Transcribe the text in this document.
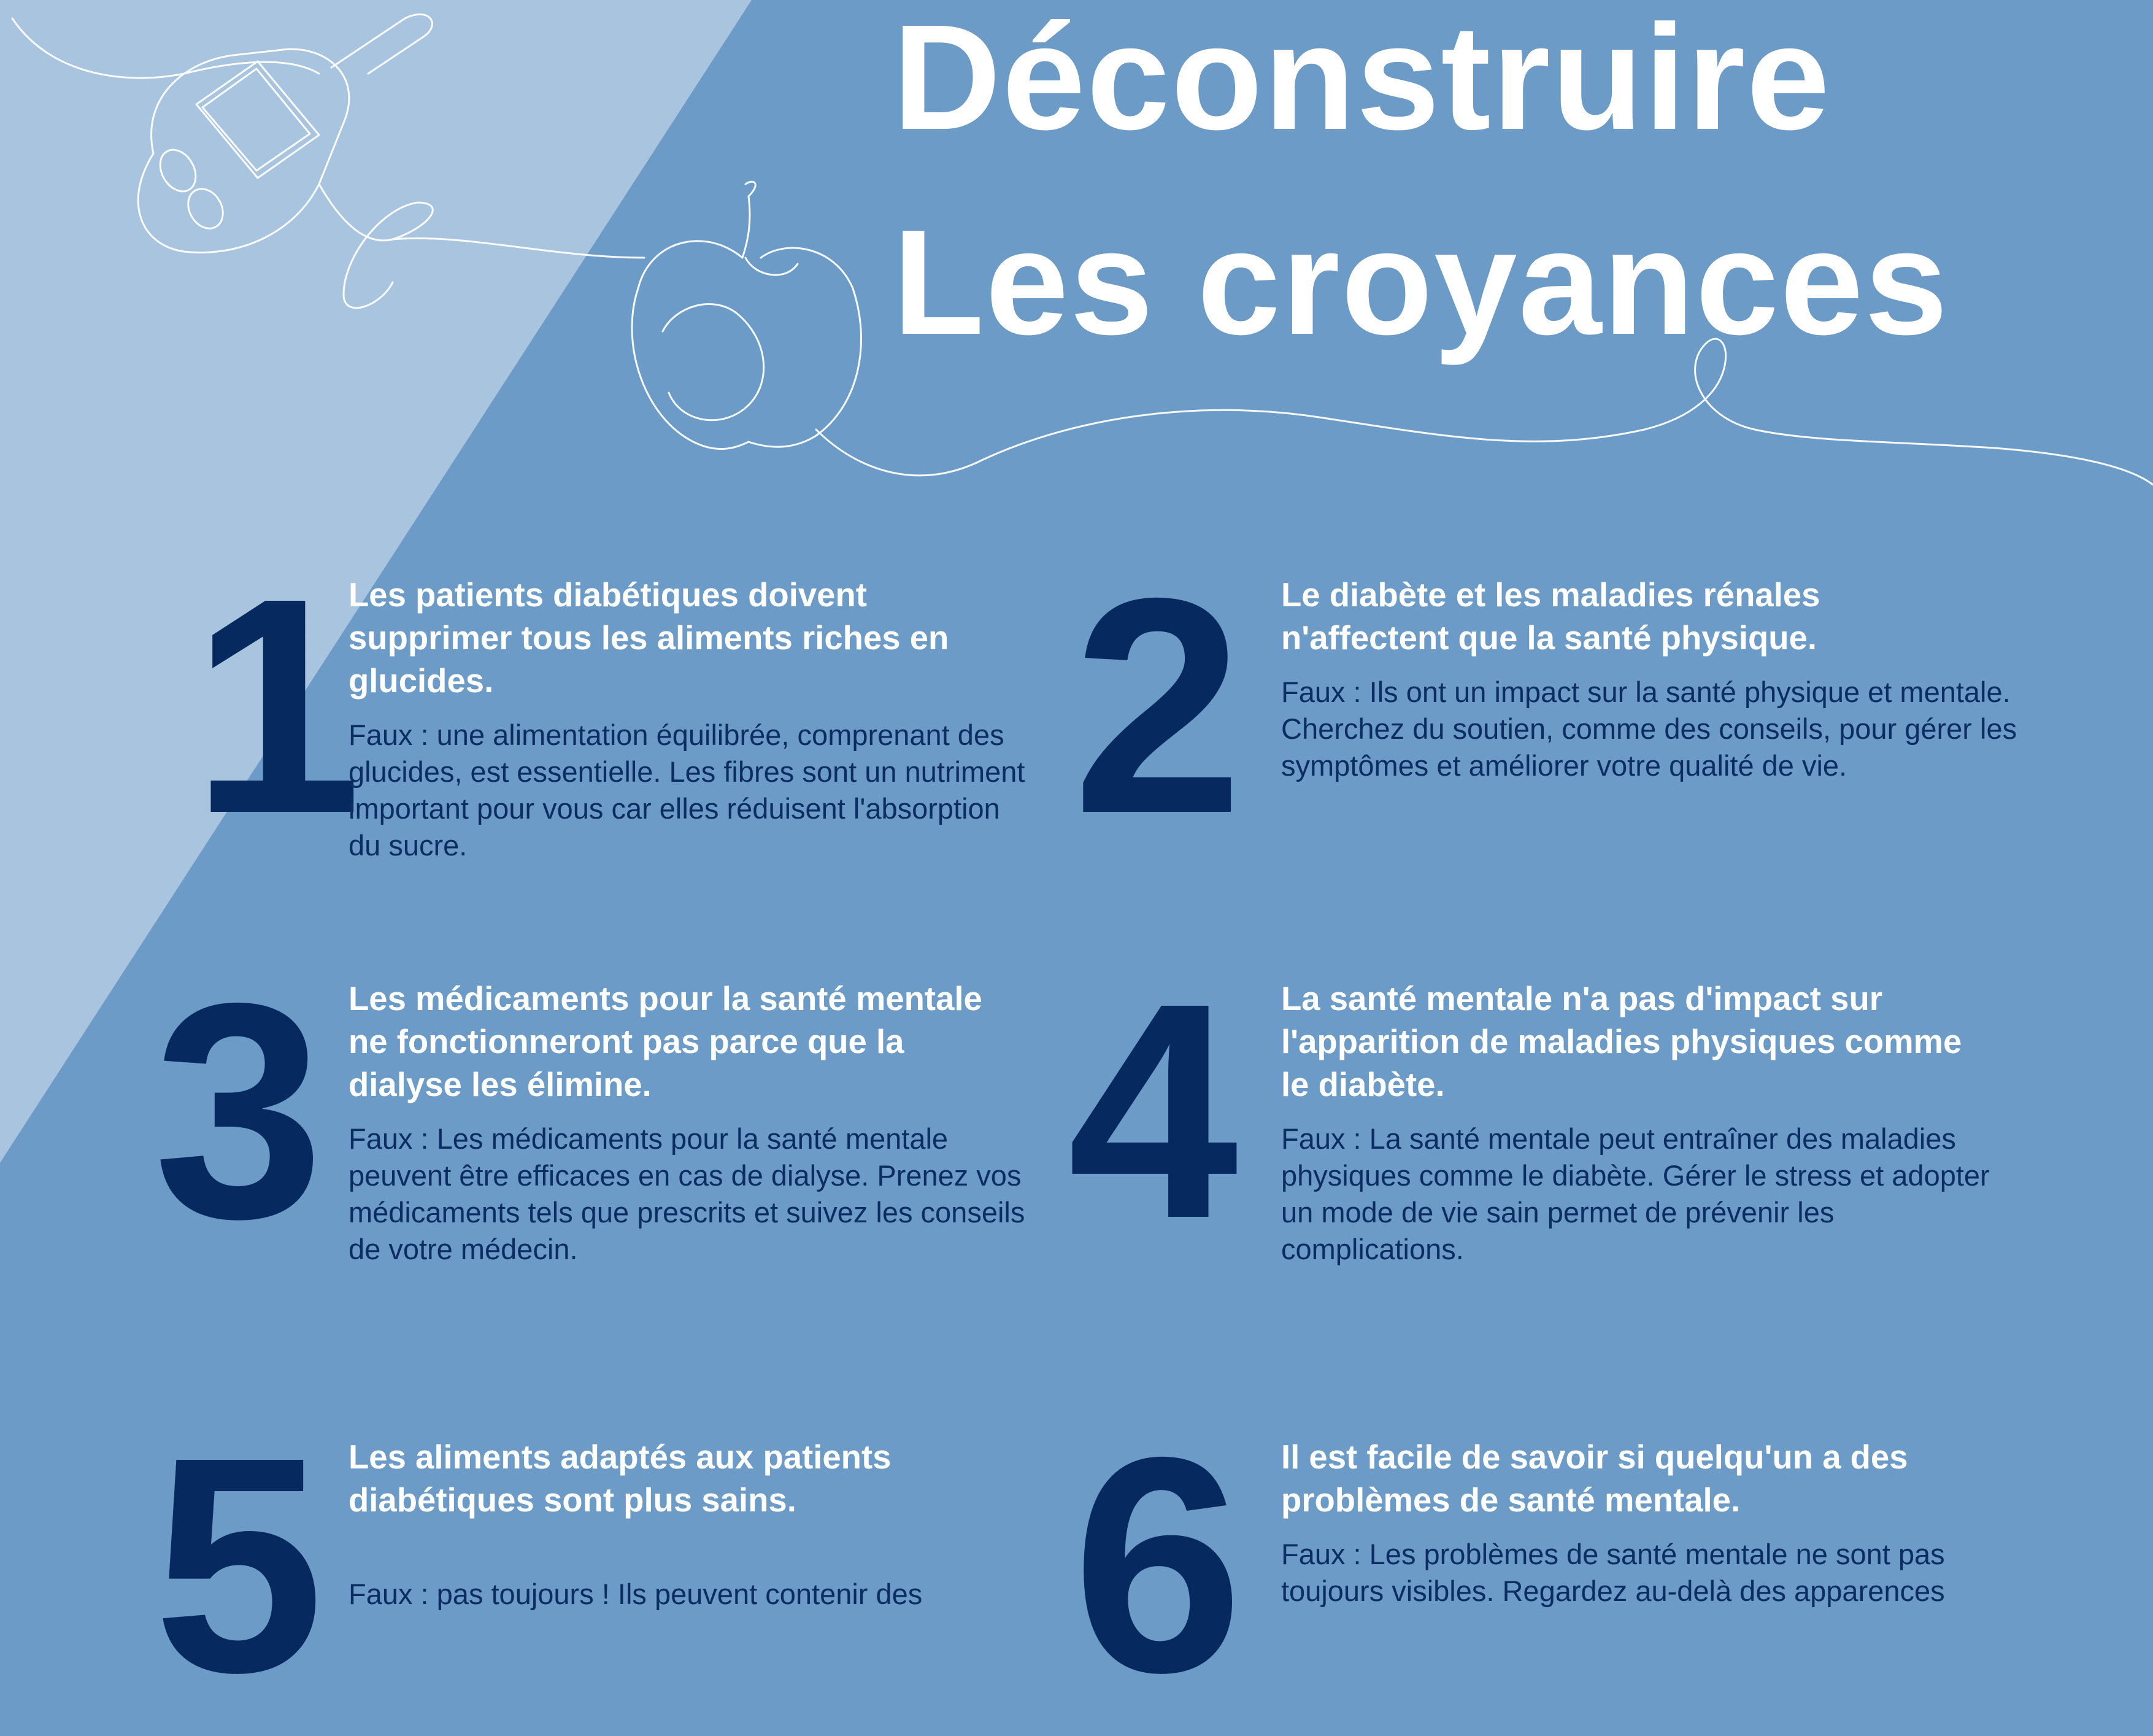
Déconstruire
Les croyances
1

Les patients diabétiques doivent supprimer tous les aliments riches en glucides.

Faux : une alimentation équilibrée, comprenant des glucides, est essentielle. Les fibres sont un nutriment important pour vous car elles réduisent l'absorption du sucre.	2 Le diabète et les maladies rénales n'affectent que la santé physique.

Faux : Ils ont un impact sur la santé physique et mentale. Cherchez du soutien, comme des conseils, pour gérer les symptômes et améliorer votre qualité de vie.

3 Les médicaments pour la santé mentale ne fonctionneront pas parce que la dialyse les élimine.

Faux : Les médicaments pour la santé mentale peuvent être efficaces en cas de dialyse. Prenez vos médicaments tels que prescrits et suivez les conseils de votre médecin.	4 La santé mentale n'a pas d'impact sur l'apparition de maladies physiques comme le diabète.

Faux : La santé mentale peut entraîner des maladies physiques comme le diabète. Gérer le stress et adopter un mode de vie sain permet de prévenir les complications.

5 Les aliments adaptés aux patients diabétiques sont plus sains.

Faux : pas toujours ! Ils peuvent contenir des 6 Il est facile de savoir si quelqu'un a des problèmes de santé mentale.

Faux : Les problèmes de santé mentale ne sont pas toujours visibles. Regardez au-delà des apparences
